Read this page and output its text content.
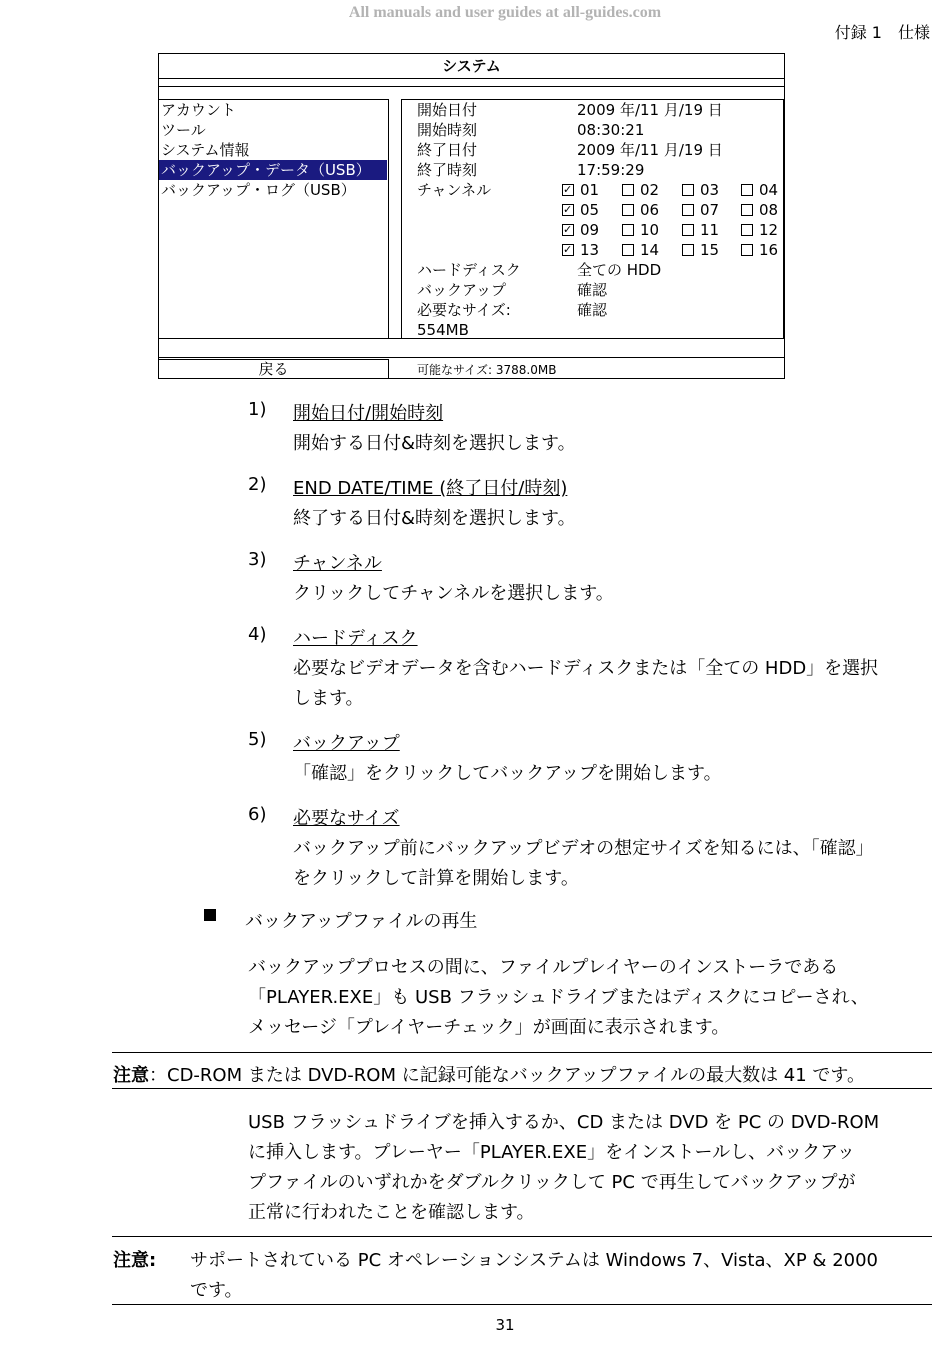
All manuals and user guides at all-guides.com
付録 1　仕様
システム
アカウント
ツール
システム情報
バックアップ・データ（USB）
バックアップ・ログ（USB）
開始日付	2009 年/11 月/19 日
開始時刻	08:30:21
終了日付	2009 年/11 月/19 日
終了時刻	17:59:29
チャンネル
✓	01	02	03	04
✓05	06	07	08
✓09	10	11	12
✓13	14	15	16
ハードディスク	全ての HDD
バックアップ	確認
必要なサイズ:	確認
554MB
戻る	可能なサイズ: 3788.0MB
1) 開始日付/開始時刻
開始する日付&時刻を選択します。
2) END DATE/TIME (終了日付/時刻)
終了する日付&時刻を選択します。
3) チャンネル
クリックしてチャンネルを選択します。
4) ハードディスク
必要なビデオデータを含むハードディスクまたは「全ての HDD」を選択
します。
5) バックアップ
「確認」をクリックしてバックアップを開始します。
6) 必要なサイズ
バックアップ前にバックアップビデオの想定サイズを知るには、「確認」
をクリックして計算を開始します。
バックアップファイルの再生
バックアッププロセスの間に、ファイルプレイヤーのインストーラである
「PLAYER.EXE」も USB フラッシュドライブまたはディスクにコピーされ、
メッセージ「プレイヤーチェック」が画面に表示されます。
注意：CD-ROM または DVD-ROM に記録可能なバックアップファイルの最大数は 41 です。
USB フラッシュドライブを挿入するか、CD または DVD を PC の DVD-ROM
に挿入します。プレーヤー「PLAYER.EXE」をインストールし、バックアッ
プファイルのいずれかをダブルクリックして PC で再生してバックアップが
正常に行われたことを確認します。
注意: サポートされている PC オペレーションシステムは Windows 7、Vista、XP & 2000
です。
31
